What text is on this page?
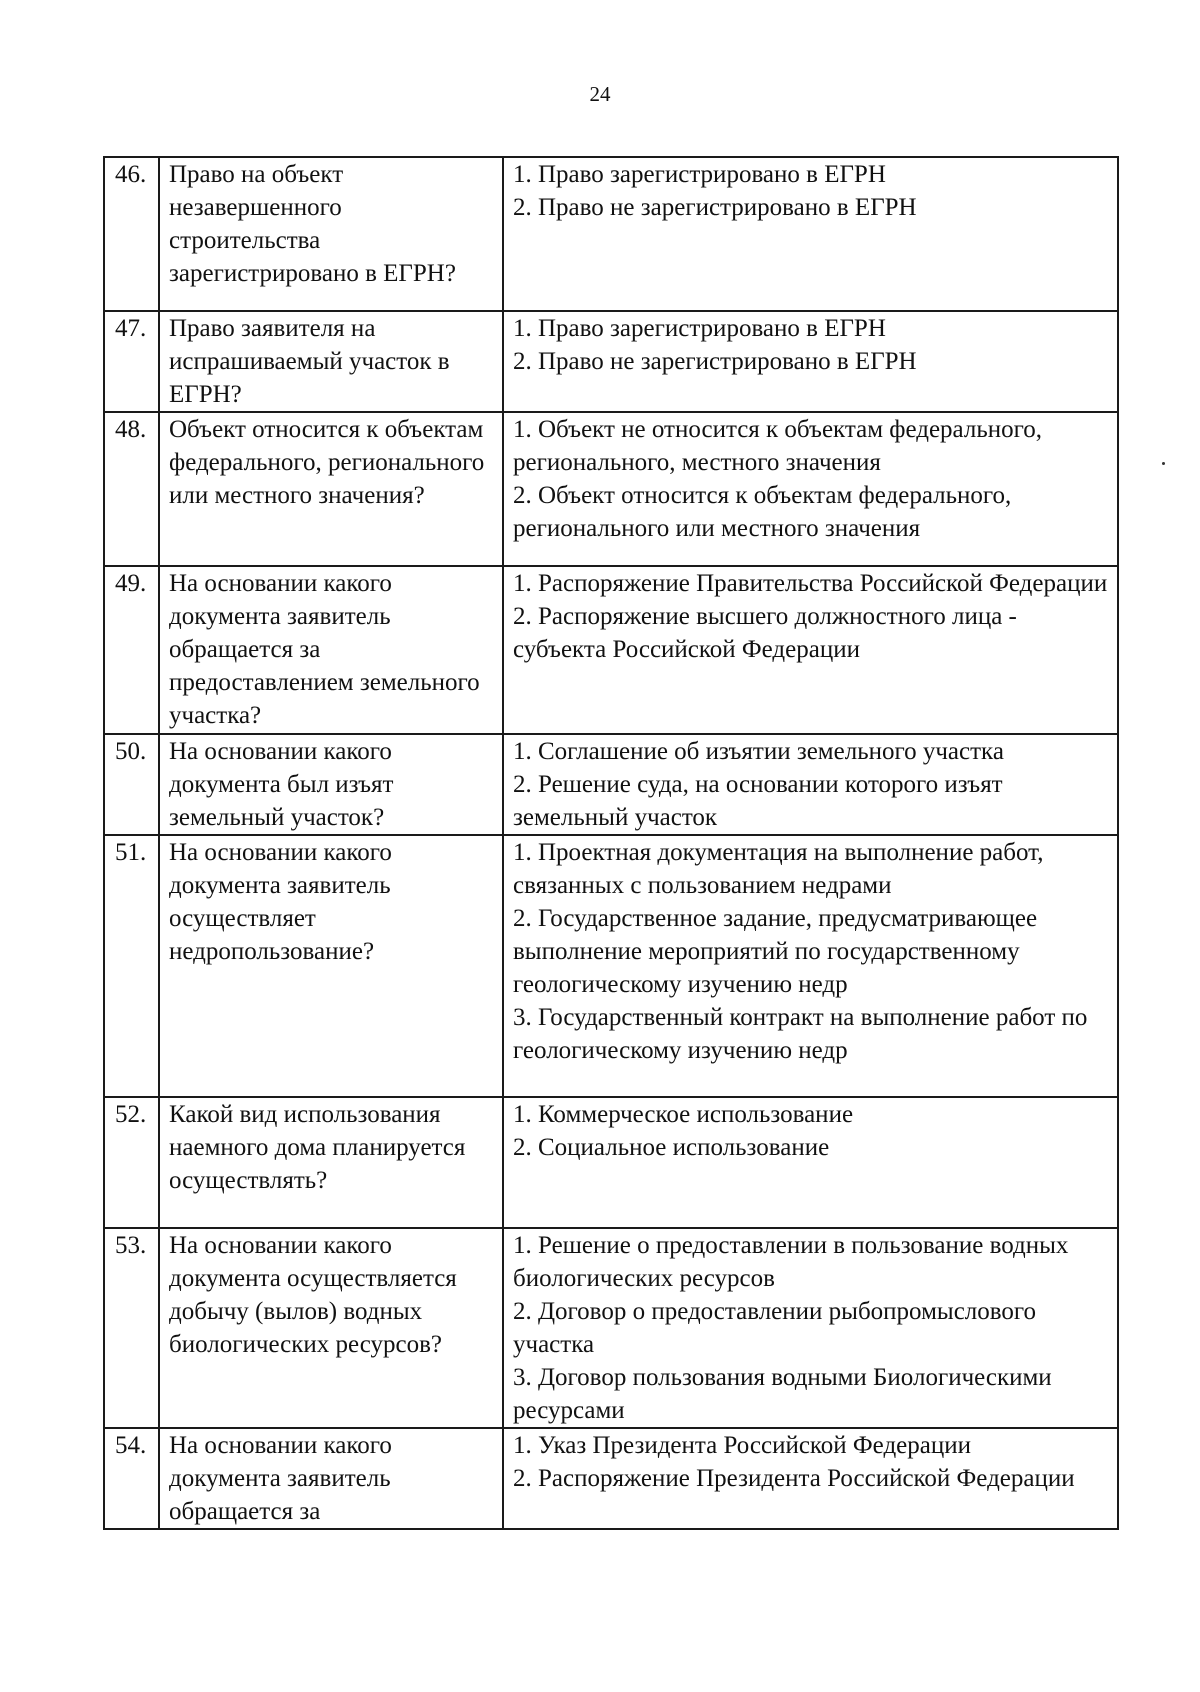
24
46.	Право на объект незавершенного строительства зарегистрировано в ЕГРН?	1. Право зарегистрировано в ЕГРН
2. Право не зарегистрировано в ЕГРН

47.	Право заявителя на испрашиваемый участок в ЕГРН?	1. Право зарегистрировано в ЕГРН
2. Право не зарегистрировано в ЕГРН

48.	Объект относится к объектам федерального, регионального или местного значения?	1. Объект не относится к объектам федерального, регионального, местного значения
2. Объект относится к объектам федерального, регионального или местного значения

49.	На основании какого документа заявитель обращается за предоставлением земельного участка?	1. Распоряжение Правительства Российской Федерации
2. Распоряжение высшего должностного лица - субъекта Российской Федерации

50.	На основании какого документа был изъят земельный участок?	1. Соглашение об изъятии земельного участка
2. Решение суда, на основании которого изъят земельный участок

51.	На основании какого документа заявитель осуществляет недропользование?	1. Проектная документация на выполнение работ, связанных с пользованием недрами
2. Государственное задание, предусматривающее выполнение мероприятий по государственному геологическому изучению недр
3. Государственный контракт на выполнение работ по геологическому изучению недр

52.	Какой вид использования наемного дома планируется осуществлять?	1. Коммерческое использование
2. Социальное использование

53.	На основании какого документа осуществляется добычу (вылов) водных биологических ресурсов?	1. Решение о предоставлении в пользование водных биологических ресурсов
2. Договор о предоставлении рыбопромыслового участка
3. Договор пользования водными Биологическими ресурсами

54.	На основании какого документа заявитель обращается за	1. Указ Президента Российской Федерации
2. Распоряжение Президента Российской Федерации
